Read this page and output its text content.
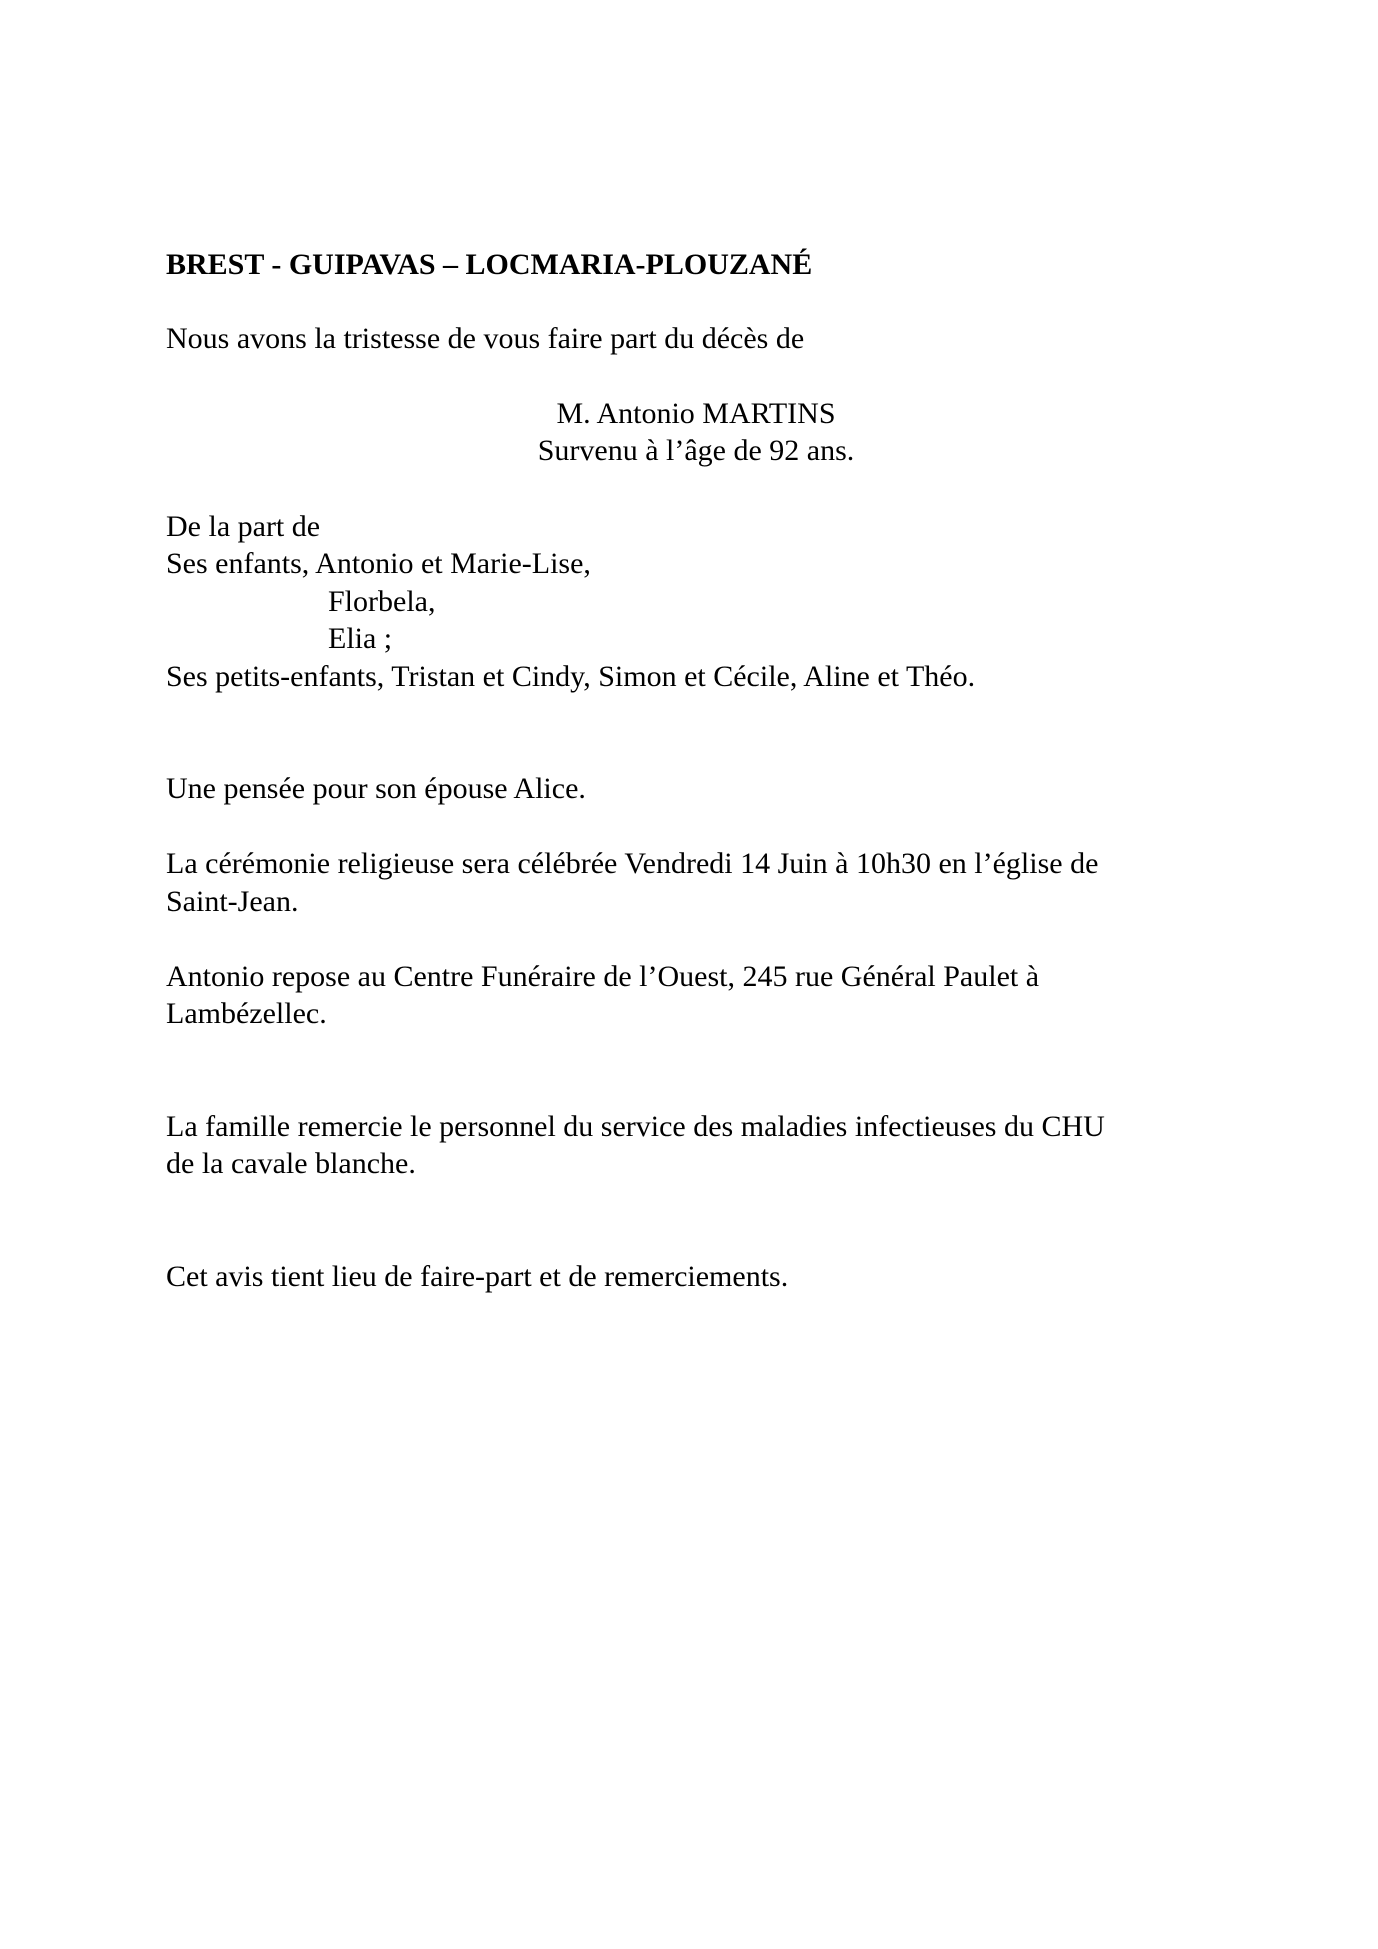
BREST - GUIPAVAS – LOCMARIA-PLOUZANÉ
Nous avons la tristesse de vous faire part du décès de
M. Antonio MARTINS
Survenu à l’âge de 92 ans.
De la part de
Ses enfants, Antonio et Marie-Lise,
Florbela,
Elia ;
Ses petits-enfants, Tristan et Cindy, Simon et Cécile, Aline et Théo.
Une pensée pour son épouse Alice.
La cérémonie religieuse sera célébrée Vendredi 14 Juin à 10h30 en l’église de
Saint-Jean.
Antonio repose au Centre Funéraire de l’Ouest, 245 rue Général Paulet à
Lambézellec.
La famille remercie le personnel du service des maladies infectieuses du CHU
de la cavale blanche.
Cet avis tient lieu de faire-part et de remerciements.
